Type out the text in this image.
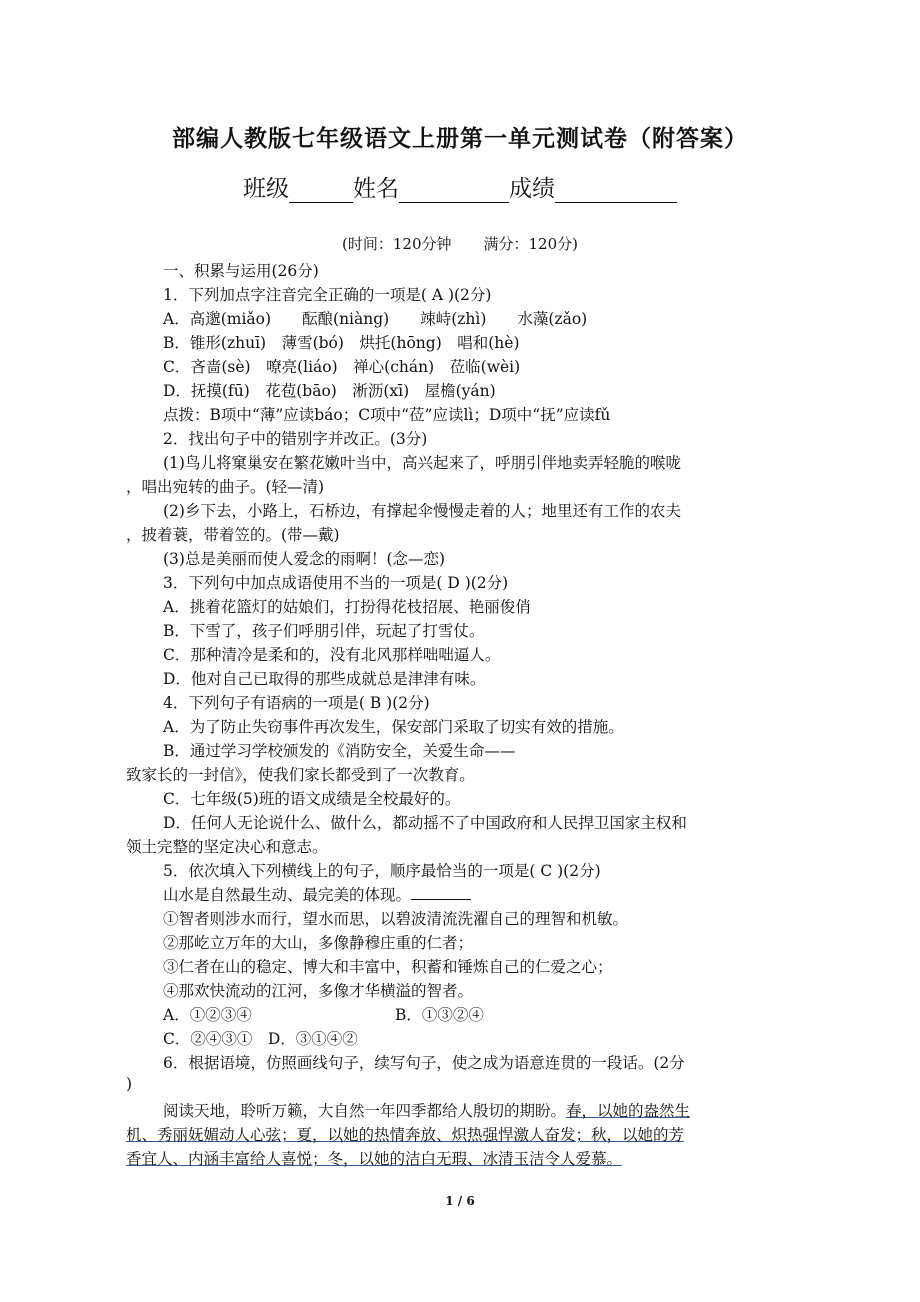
部编人教版七年级语文上册第一单元测试卷（附答案）
班级	姓名	成绩
(时间：120分钟 满分：120分)
一、积累与运用(26分)
1．下列加点字注音完全正确的一项是( A )(2分)
A．高邈(miǎo)　　酝酿(niàng)　　竦峙(zhì)　　水藻(zǎo)
B．锥形(zhuī)　薄雪(bó)　烘托(hōng)　唱和(hè)
C．吝啬(sè)　嘹亮(liáo)　禅心(chán)　莅临(wèi)
D．抚摸(fū)　花苞(bāo)　淅沥(xī)　屋檐(yán)
点拨：B项中“薄”应读báo；C项中“莅”应读lì；D项中“抚”应读fǔ
2．找出句子中的错别字并改正。(3分)
(1)鸟儿将窠巢安在繁花嫩叶当中，高兴起来了，呼朋引伴地卖弄轻脆的喉咙
，唱出宛转的曲子。(轻—清)
(2)乡下去，小路上，石桥边，有撑起伞慢慢走着的人；地里还有工作的农夫
，披着蓑，带着笠的。(带—戴)
(3)总是美丽而使人爱念的雨啊！(念—恋)
3．下列句中加点成语使用不当的一项是( D )(2分)
A．挑着花篮灯的姑娘们，打扮得花枝招展、艳丽俊俏
B．下雪了，孩子们呼朋引伴，玩起了打雪仗。
C．那种清冷是柔和的，没有北风那样咄咄逼人。
D．他对自己已取得的那些成就总是津津有味。
4．下列句子有语病的一项是( B )(2分)
A．为了防止失窃事件再次发生，保安部门采取了切实有效的措施。
B．通过学习学校颁发的《消防安全，关爱生命——
致家长的一封信》，使我们家长都受到了一次教育。
C．七年级(5)班的语文成绩是全校最好的。
D．任何人无论说什么、做什么，都动摇不了中国政府和人民捍卫国家主权和
领土完整的坚定决心和意志。
5．依次填入下列横线上的句子，顺序最恰当的一项是( C )(2分)
山水是自然最生动、最完美的体现。
①智者则涉水而行，望水而思，以碧波清流洗濯自己的理智和机敏。
②那屹立万年的大山，多像静穆庄重的仁者；
③仁者在山的稳定、博大和丰富中，积蓄和锤炼自己的仁爱之心；
④那欢快流动的江河，多像才华横溢的智者。
A．①②③④	B．①③②④
C．②④③①　D．③①④②
6．根据语境，仿照画线句子，续写句子，使之成为语意连贯的一段话。(2分
)
阅读天地，聆听万籁，大自然一年四季都给人殷切的期盼。春，以她的盎然生
机、秀丽妩媚动人心弦；夏，以她的热情奔放、炽热强悍激人奋发；秋，以她的芳
香宜人、内涵丰富给人喜悦；冬，以她的洁白无瑕、冰清玉洁令人爱慕。
1 / 6
